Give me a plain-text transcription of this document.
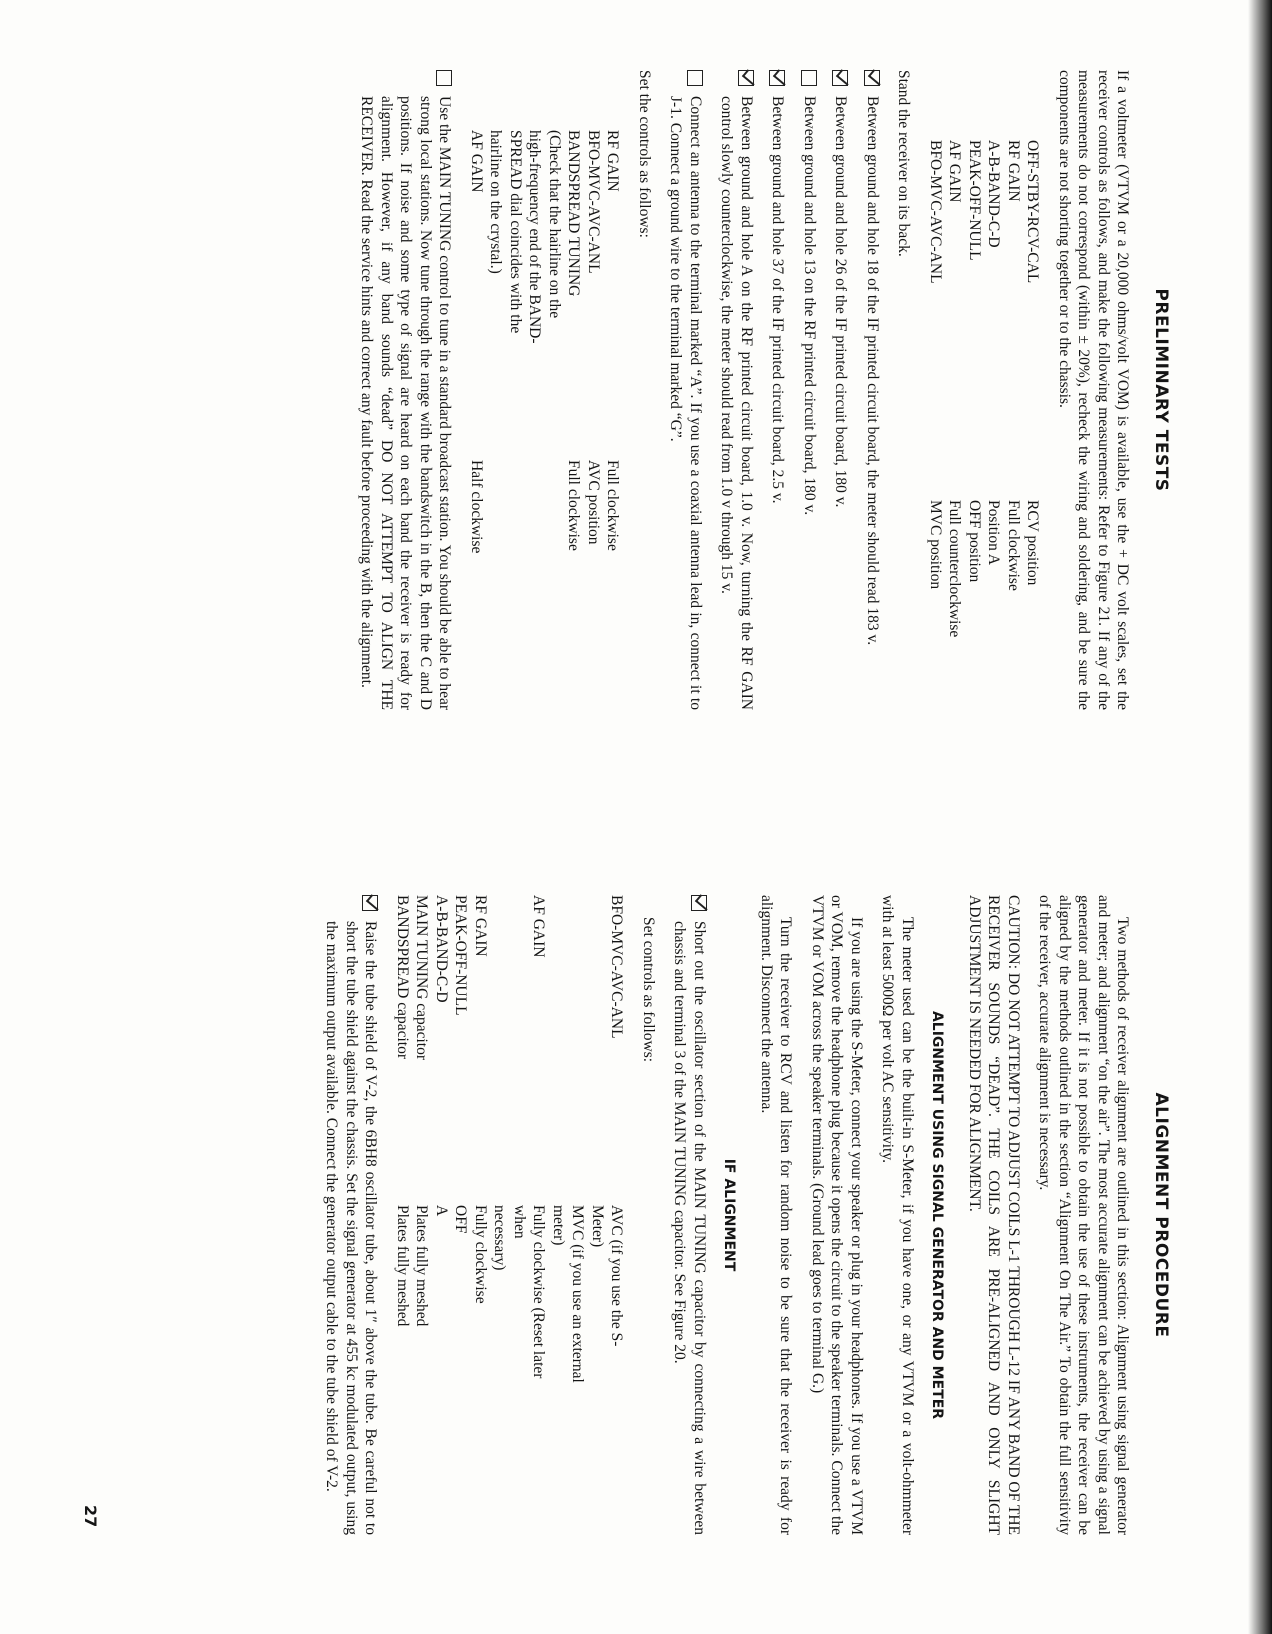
PRELIMINARY TESTS

If a voltmeter (VTVM or a 20,000 ohms/volt VOM) is available, use the + DC volt scales, set the receiver controls as follows, and make the following measurements: Refer to Figure 21. If any of the measurements do not correspond (within ± 20%), recheck the wiring and soldering, and be sure the components are not shorting together or to the chassis.

OFF-STBY-RCV-CAL
RCV position
RF GAIN
Full clockwise
A-B-BAND-C-D
Position A
PEAK-OFF-NULL
OFF position
AF GAIN
Full counterclockwise
BFO-MVC-AVC-ANL
MVC position

Stand the receiver on its back.

Between ground and hole 18 of the IF printed circuit board, the meter should read 183 v.
Between ground and hole 26 of the IF printed circuit board, 180 v.
Between ground and hole 13 on the RF printed circuit board, 180 v.
Between ground and hole 37 of the IF printed circuit board, 2.5 v.
Between ground and hole A on the RF printed circuit board, 1.0 v. Now, turning the RF GAIN control slowly counterclockwise, the meter should read from 1.0 v through 15 v.
Connect an antenna to the terminal marked “A”. If you use a coaxial antenna lead in, connect it to J-1. Connect a ground wire to the terminal marked “G”.

Set the controls as follows:

RF GAIN
Full clockwise
BFO-MVC-AVC-ANL
AVC position
BANDSPREAD TUNING
Full clockwise
(Check that the hairline on the
high-frequency end of the BAND-
SPREAD dial coincides with the
hairline on the crystal.)
AF GAIN
Half clockwise
Use the MAIN TUNING control to tune in a standard broadcast station. You should be able to hear strong local stations. Now tune through the range with the bandswitch in the B, then the C and D positions. If noise and some type of signal are heard on each band the receiver is ready for alignment. However, if any band sounds “dead” DO NOT ATTEMPT TO ALIGN THE RECEIVER. Read the service hints and correct any fault before proceeding with the alignment.
ALIGNMENT PROCEDURE

Two methods of receiver alignment are outlined in this section: Alignment using signal generator and meter; and alignment “on the air”. The most accurate alignment can be achieved by using a signal generator and meter. If it is not possible to obtain the use of these instruments, the receiver can be aligned by the methods outlined in the section “Alignment On The Air.” To obtain the full sensitivity of the receiver, accurate alignment is necessary.

CAUTION: DO NOT ATTEMPT TO ADJUST COILS L-1 THROUGH L-12 IF ANY BAND OF THE RECEIVER SOUNDS “DEAD”. THE COILS ARE PRE-ALIGNED AND ONLY SLIGHT ADJUSTMENT IS NEEDED FOR ALIGNMENT.

ALIGNMENT USING SIGNAL GENERATOR AND METER

The meter used can be the built-in S-Meter, if you have one, or any VTVM or a volt-ohmmeter with at least 5000Ω per volt AC sensitivity.

If you are using the S-Meter, connect your speaker or plug in your headphones. If you use a VTVM or VOM, remove the headphone plug because it opens the circuit to the speaker terminals. Connect the VTVM or VOM across the speaker terminals. (Ground lead goes to terminal G.)

Turn the receiver to RCV and listen for random noise to be sure that the receiver is ready for alignment. Disconnect the antenna.

IF ALIGNMENT
Short out the oscillator section of the MAIN TUNING capacitor by connecting a wire between chassis and terminal 3 of the MAIN TUNING capacitor. See Figure 20.

Set controls as follows:

BFO-MVC-AVC-ANL
AVC (if you use the S-Meter)
MVC (if you use an external meter)
AF GAIN
Fully clockwise (Reset later when
necessary)
RF GAIN
Fully clockwise
PEAK-OFF-NULL
OFF
A-B-BAND-C-D
A
MAIN TUNING capacitor
Plates fully meshed
BANDSPREAD capacitor
Plates fully meshed
Raise the tube shield of V-2, the 6BH8 oscillator tube, about 1″ above the tube. Be careful not to short the tube shield against the chassis. Set the signal generator at 455 kc modulated output, using the maximum output available. Connect the generator output cable to the tube shield of V-2.
27
